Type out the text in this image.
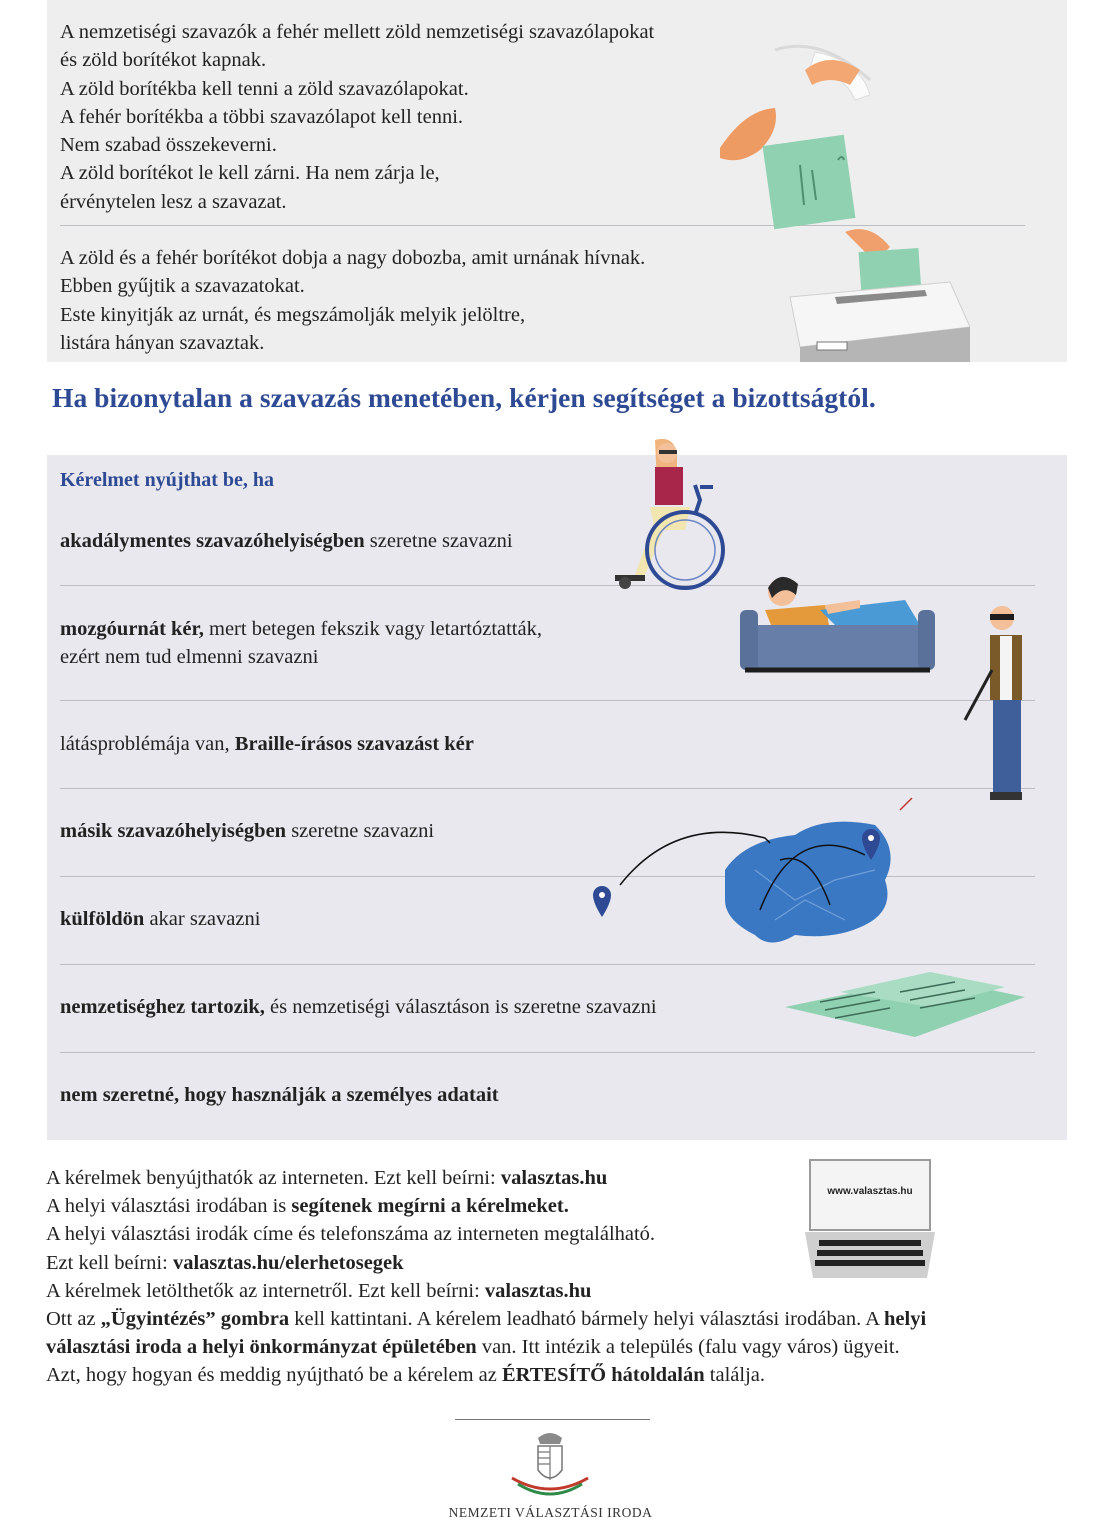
A nemzetiségi szavazók a fehér mellett zöld nemzetiségi szavazólapokat
és zöld borítékot kapnak.
A zöld borítékba kell tenni a zöld szavazólapokat.
A fehér borítékba a többi szavazólapot kell tenni.
Nem szabad összekeverni.
A zöld borítékot le kell zárni. Ha nem zárja le,
érvénytelen lesz a szavazat.
A zöld és a fehér borítékot dobja a nagy dobozba, amit urnának hívnak.
Ebben gyűjtik a szavazatokat.
Este kinyitják az urnát, és megszámolják melyik jelöltre,
listára hányan szavaztak.
Ha bizonytalan a szavazás menetében, kérjen segítséget a bizottságtól.
Kérelmet nyújthat be, ha
akadálymentes szavazóhelyiségben szeretne szavazni
mozgóurnát kér, mert betegen fekszik vagy letartóztatták,
ezért nem tud elmenni szavazni
látásproblémája van, Braille-írásos szavazást kér
másik szavazóhelyiségben szeretne szavazni
külföldön akar szavazni
nemzetiséghez tartozik, és nemzetiségi választáson is szeretne szavazni
nem szeretné, hogy használják a személyes adatait
www.valasztas.hu
A kérelmek benyújthatók az interneten. Ezt kell beírni: valasztas.hu
A helyi választási irodában is segítenek megírni a kérelmeket.
A helyi választási irodák címe és telefonszáma az interneten megtalálható.
Ezt kell beírni: valasztas.hu/elerhetosegek
A kérelmek letölthetők az internetről. Ezt kell beírni: valasztas.hu
Ott az „Ügyintézés” gombra kell kattintani. A kérelem leadható bármely helyi választási irodában. A helyi
választási iroda a helyi önkormányzat épületében van. Itt intézik a település (falu vagy város) ügyeit.
Azt, hogy hogyan és meddig nyújtható be a kérelem az ÉRTESÍTŐ hátoldalán találja.
NEMZETI VÁLASZTÁSI IRODA
